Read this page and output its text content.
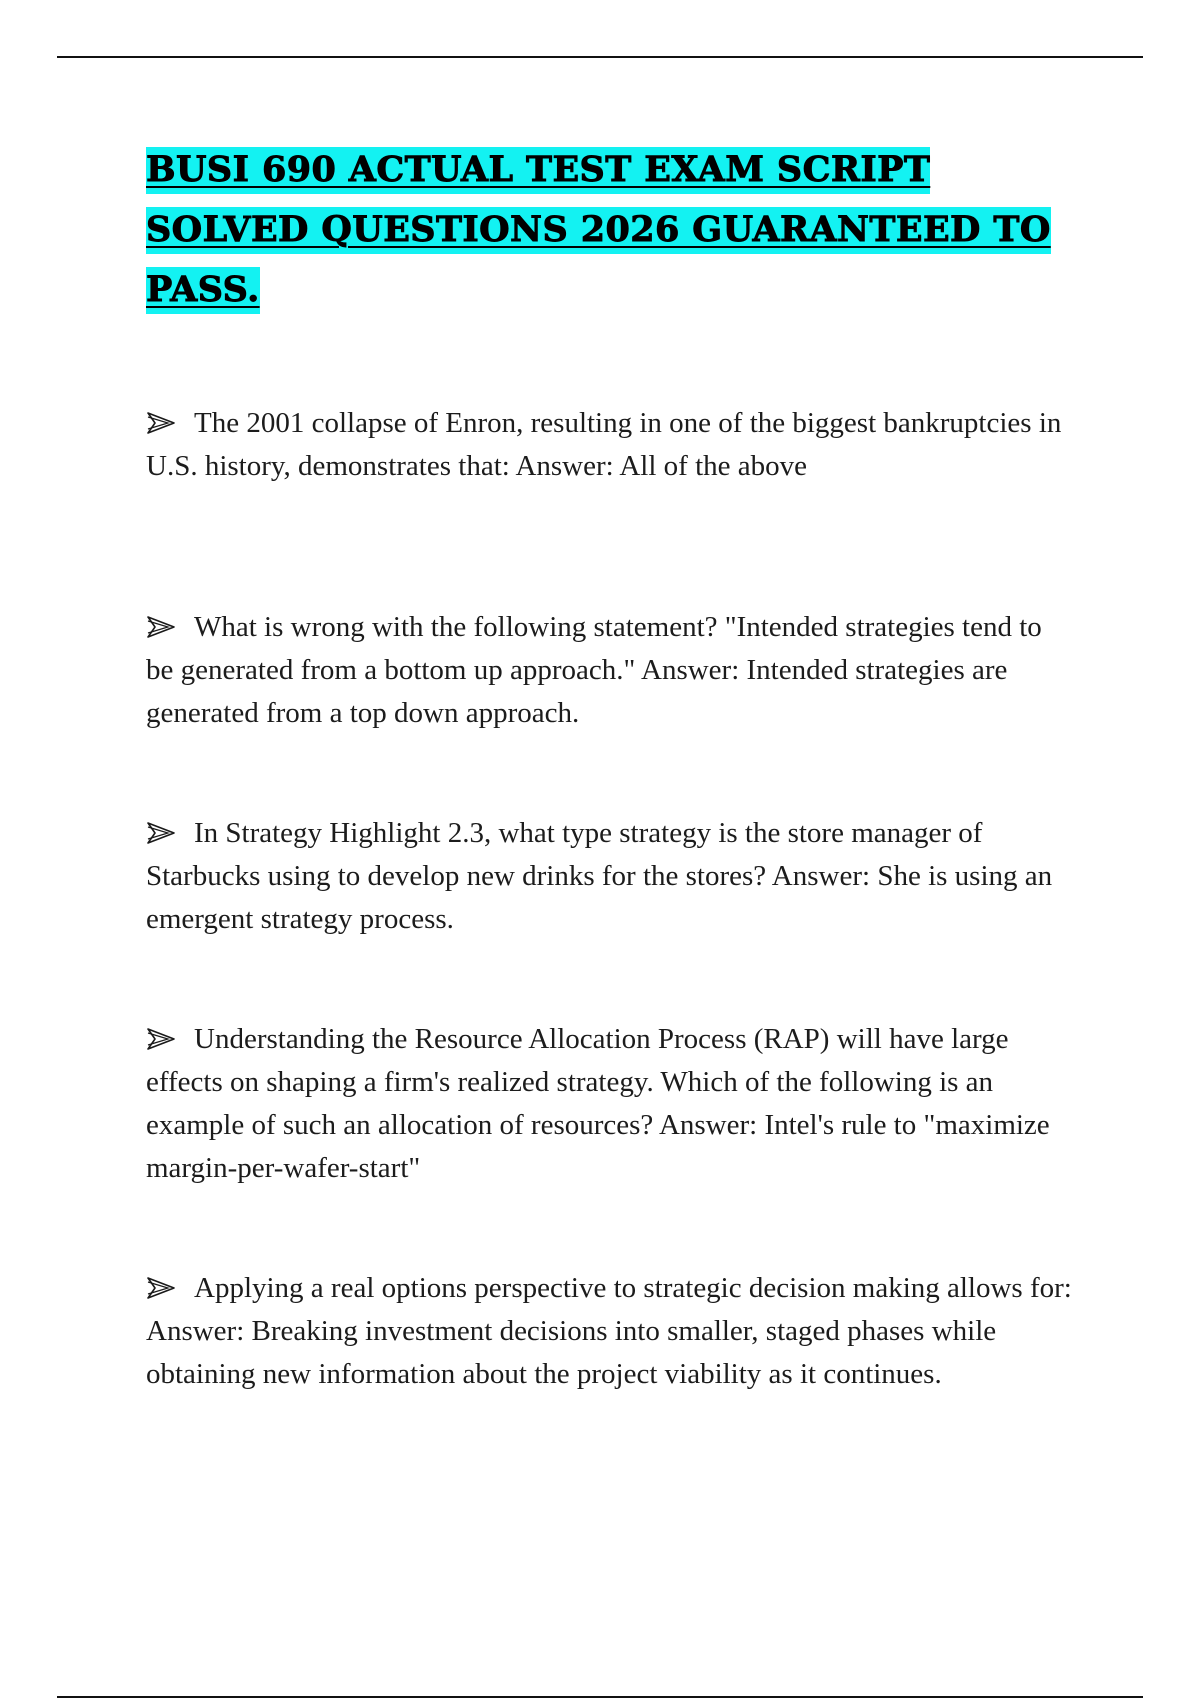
BUSI 690 ACTUAL TEST EXAM SCRIPT SOLVED QUESTIONS 2026 GUARANTEED TO PASS.
The 2001 collapse of Enron, resulting in one of the biggest bankruptcies in U.S. history, demonstrates that: Answer: All of the above
What is wrong with the following statement? "Intended strategies tend to be generated from a bottom up approach." Answer: Intended strategies are generated from a top down approach.
In Strategy Highlight 2.3, what type strategy is the store manager of Starbucks using to develop new drinks for the stores? Answer: She is using an emergent strategy process.
Understanding the Resource Allocation Process (RAP) will have large effects on shaping a firm's realized strategy. Which of the following is an example of such an allocation of resources? Answer: Intel's rule to "maximize margin-per-wafer-start"
Applying a real options perspective to strategic decision making allows for: Answer: Breaking investment decisions into smaller, staged phases while obtaining new information about the project viability as it continues.
